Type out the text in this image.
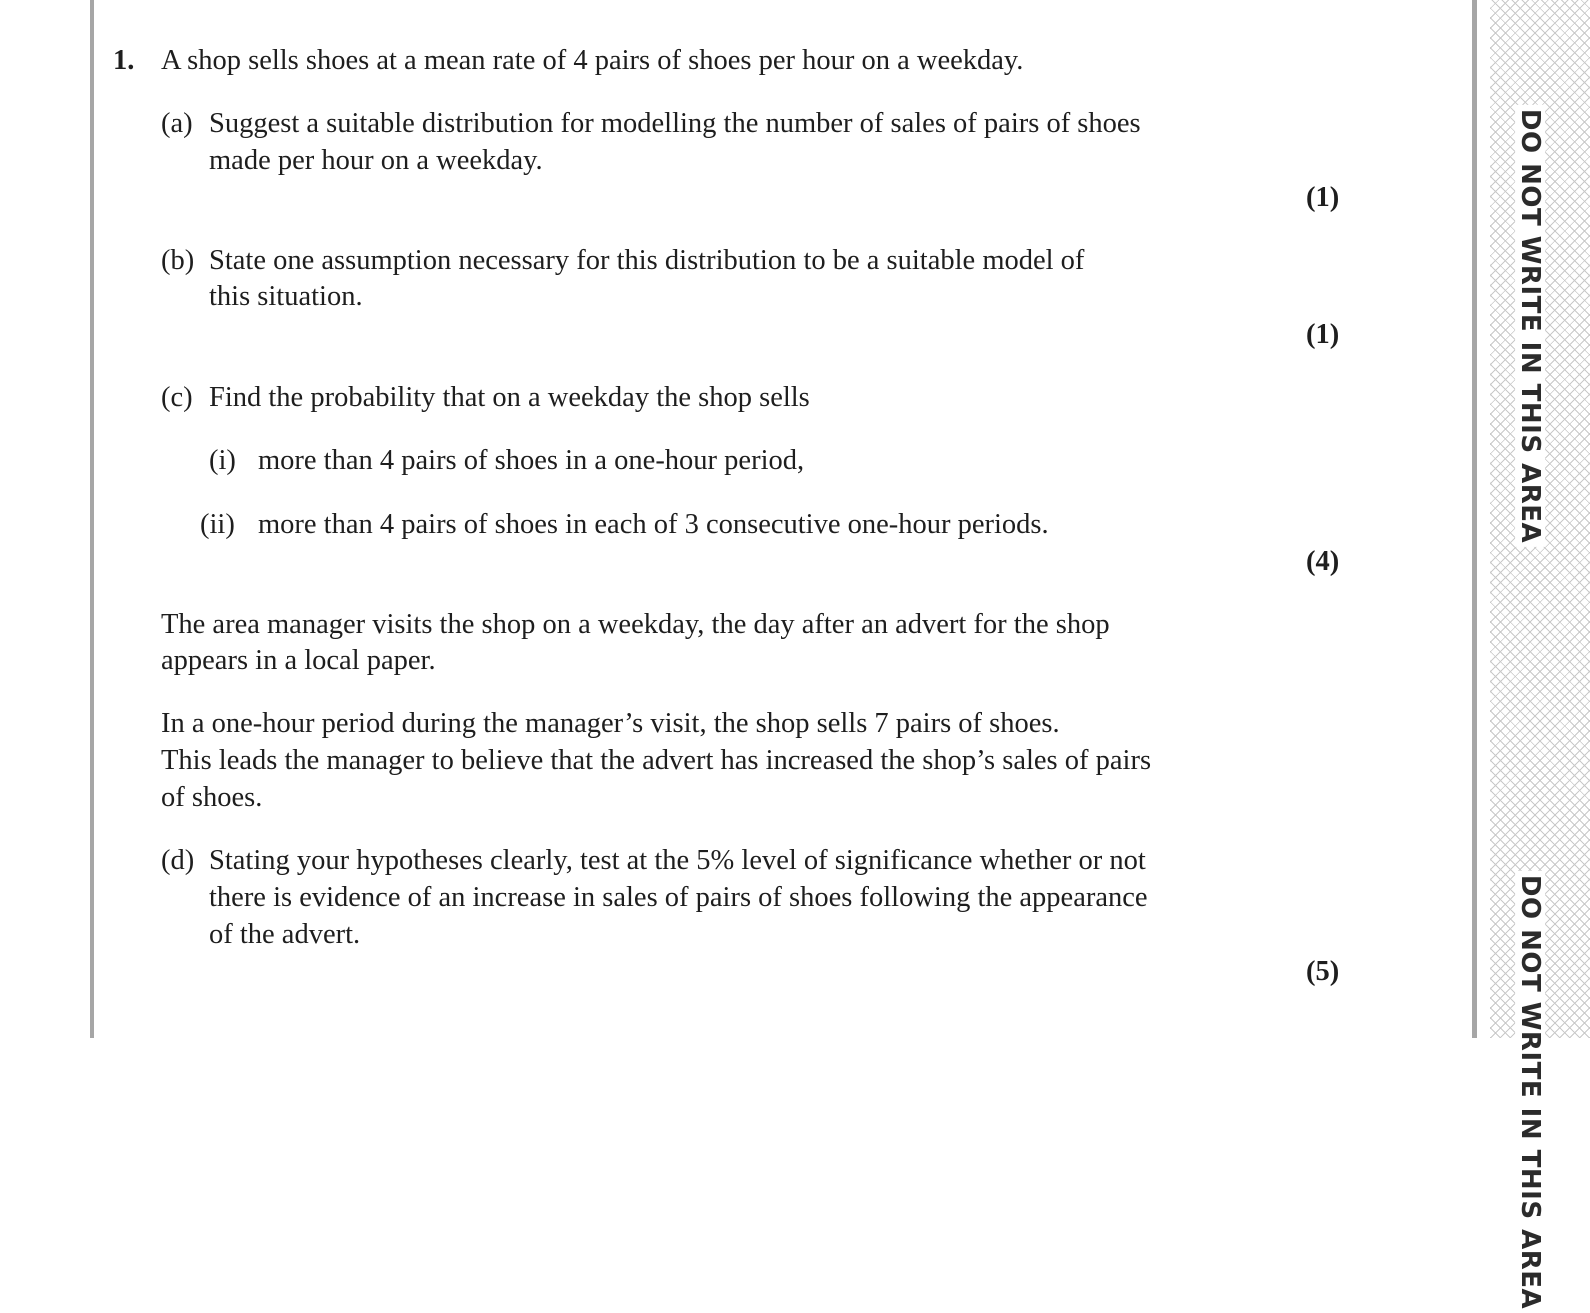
DO NOT WRITE IN THIS AREA
DO NOT WRITE IN THIS AREA
1. A shop sells shoes at a mean rate of 4 pairs of shoes per hour on a weekday.
(a) Suggest a suitable distribution for modelling the number of sales of pairs of shoes
made per hour on a weekday.
(1)
(b) State one assumption necessary for this distribution to be a suitable model of
this situation.
(1)
(c) Find the probability that on a weekday the shop sells
(i) more than 4 pairs of shoes in a one-hour period,
(ii) more than 4 pairs of shoes in each of 3 consecutive one-hour periods.
(4)
The area manager visits the shop on a weekday, the day after an advert for the shop
appears in a local paper.
In a one-hour period during the manager’s visit, the shop sells 7 pairs of shoes.
This leads the manager to believe that the advert has increased the shop’s sales of pairs
of shoes.
(d) Stating your hypotheses clearly, test at the 5% level of significance whether or not
there is evidence of an increase in sales of pairs of shoes following the appearance
of the advert.
(5)
